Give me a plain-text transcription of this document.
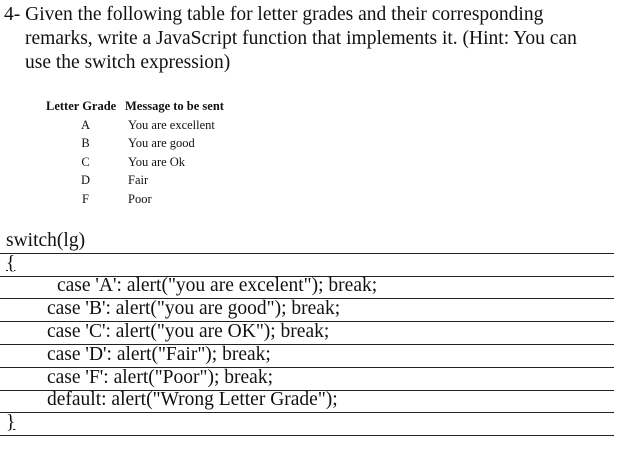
4- Given the following table for letter grades and their corresponding
remarks, write a JavaScript function that implements it. (Hint: You can
use the switch expression)
Letter Grade	Message to be sent
A	You are excellent
B	You are good
C	You are Ok
D	Fair
F	Poor
switch(lg)
{
case 'A': alert("you are excelent"); break;
case 'B': alert("you are good"); break;
case 'C': alert("you are OK"); break;
case 'D': alert("Fair"); break;
case 'F': alert("Poor"); break;
default: alert("Wrong Letter Grade");
}
